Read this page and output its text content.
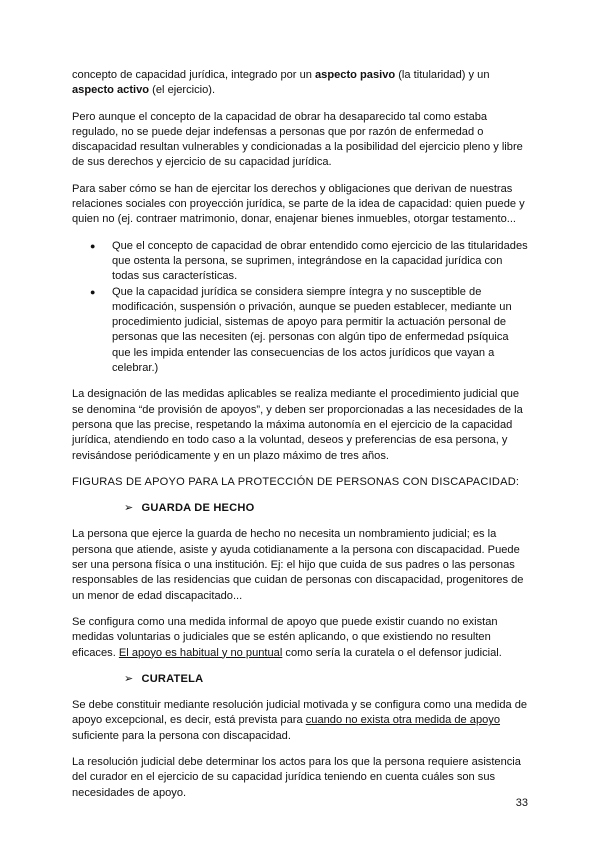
concepto de capacidad jurídica, integrado por un aspecto pasivo (la titularidad) y un aspecto activo (el ejercicio).

Pero aunque el concepto de la capacidad de obrar ha desaparecido tal como estaba regulado, no se puede dejar indefensas a personas que por razón de enfermedad o discapacidad resultan vulnerables y condicionadas a la posibilidad del ejercicio pleno y libre de sus derechos y ejercicio de su capacidad jurídica.

Para saber cómo se han de ejercitar los derechos y obligaciones que derivan de nuestras relaciones sociales con proyección jurídica, se parte de la idea de capacidad: quien puede y quien no (ej. contraer matrimonio, donar, enajenar bienes inmuebles, otorgar testamento...

● Que el concepto de capacidad de obrar entendido como ejercicio de las titularidades que ostenta la persona, se suprimen, integrándose en la capacidad jurídica con todas sus características.
● Que la capacidad jurídica se considera siempre íntegra y no susceptible de modificación, suspensión o privación, aunque se pueden establecer, mediante un procedimiento judicial, sistemas de apoyo para permitir la actuación personal de personas que las necesiten (ej. personas con algún tipo de enfermedad psíquica que les impida entender las consecuencias de los actos jurídicos que vayan a celebrar.)

La designación de las medidas aplicables se realiza mediante el procedimiento judicial que se denomina “de provisión de apoyos”, y deben ser proporcionadas a las necesidades de la persona que las precise, respetando la máxima autonomía en el ejercicio de la capacidad jurídica, atendiendo en todo caso a la voluntad, deseos y preferencias de esa persona, y revisándose periódicamente y en un plazo máximo de tres años.

FIGURAS DE APOYO PARA LA PROTECCIÓN DE PERSONAS CON DISCAPACIDAD:

➢ GUARDA DE HECHO

La persona que ejerce la guarda de hecho no necesita un nombramiento judicial; es la persona que atiende, asiste y ayuda cotidianamente a la persona con discapacidad. Puede ser una persona física o una institución. Ej: el hijo que cuida de sus padres o las personas responsables de las residencias que cuidan de personas con discapacidad, progenitores de un menor de edad discapacitado...

Se configura como una medida informal de apoyo que puede existir cuando no existan medidas voluntarias o judiciales que se estén aplicando, o que existiendo no resulten eficaces. El apoyo es habitual y no puntual como sería la curatela o el defensor judicial.

➢ CURATELA

Se debe constituir mediante resolución judicial motivada y se configura como una medida de apoyo excepcional, es decir, está prevista para cuando no exista otra medida de apoyo suficiente para la persona con discapacidad.

La resolución judicial debe determinar los actos para los que la persona requiere asistencia del curador en el ejercicio de su capacidad jurídica teniendo en cuenta cuáles son sus necesidades de apoyo.

33
